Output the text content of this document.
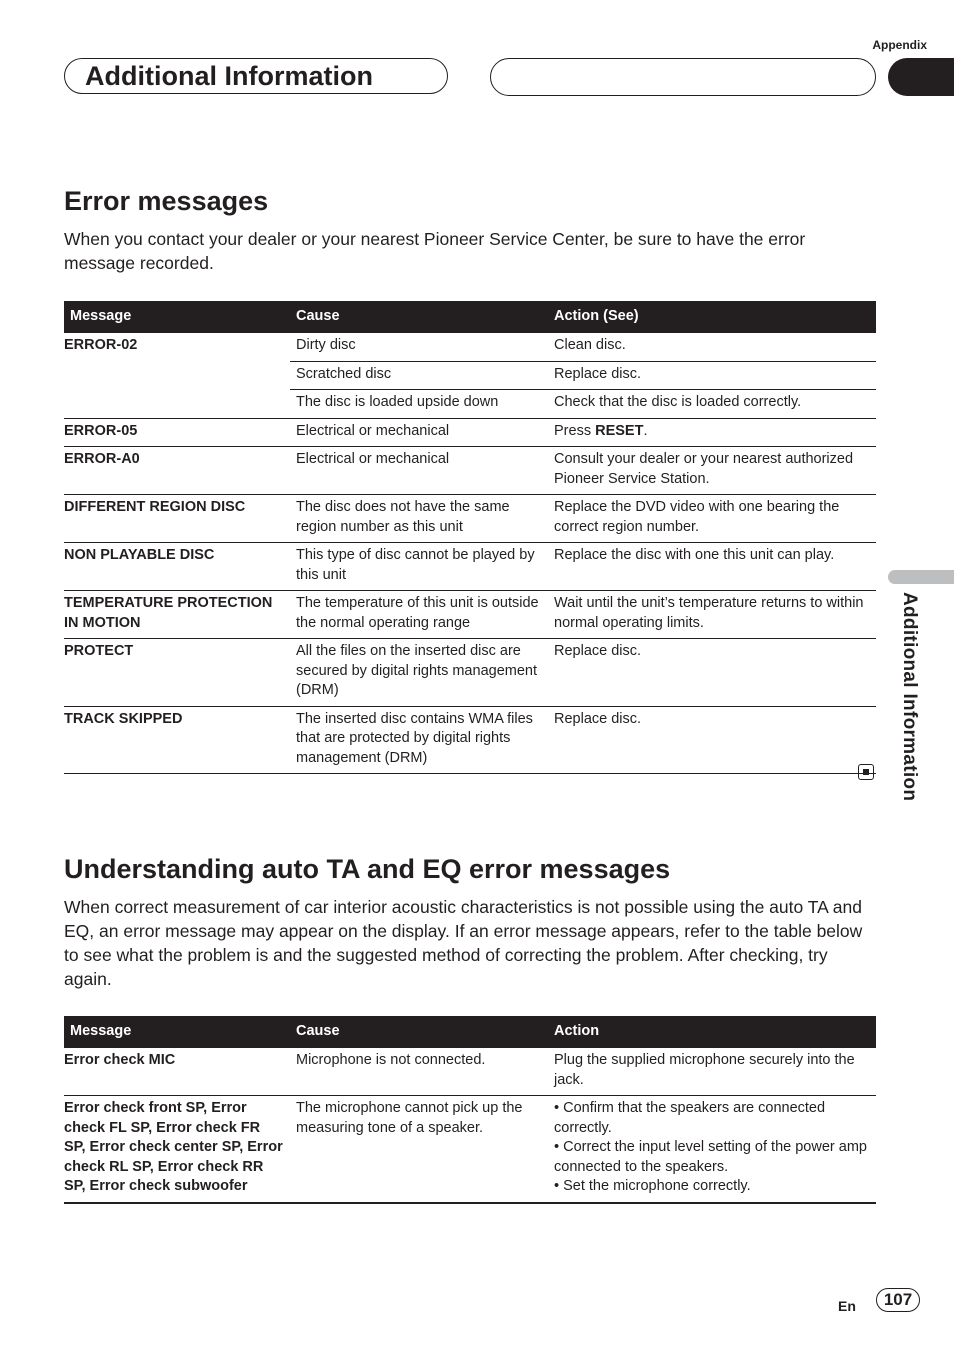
Appendix
Additional Information
Additional Information
Error messages

When you contact your dealer or your nearest Pioneer Service Center, be sure to have the error message recorded.

Message	Cause	Action (See)
ERROR-02	Dirty disc	Clean disc.
	Scratched disc	Replace disc.
	The disc is loaded upside down	Check that the disc is loaded correctly.
ERROR-05	Electrical or mechanical	Press RESET.
ERROR-A0	Electrical or mechanical	Consult your dealer or your nearest authorized Pioneer Service Station.
DIFFERENT REGION DISC	The disc does not have the same region number as this unit	Replace the DVD video with one bearing the correct region number.
NON PLAYABLE DISC	This type of disc cannot be played by this unit	Replace the disc with one this unit can play.
TEMPERATURE PROTECTION IN MOTION	The temperature of this unit is outside the normal operating range	Wait until the unit’s temperature returns to within normal operating limits.
PROTECT	All the files on the inserted disc are secured by digital rights management (DRM)	Replace disc.
TRACK SKIPPED	The inserted disc contains WMA files that are protected by digital rights management (DRM)	Replace disc.
Understanding auto TA and EQ error messages

When correct measurement of car interior acoustic characteristics is not possible using the auto TA and EQ, an error message may appear on the display. If an error message appears, refer to the table below to see what the problem is and the suggested method of correcting the problem. After checking, try again.

Message	Cause	Action
Error check MIC	Microphone is not connected.	Plug the supplied microphone securely into the jack.
Error check front SP, Error check FL SP, Error check FR SP, Error check center SP, Error check RL SP, Error check RR SP, Error check subwoofer	The microphone cannot pick up the measuring tone of a speaker.	• Confirm that the speakers are connected correctly.
• Correct the input level setting of the power amp connected to the speakers.
• Set the microphone correctly.
En	107
